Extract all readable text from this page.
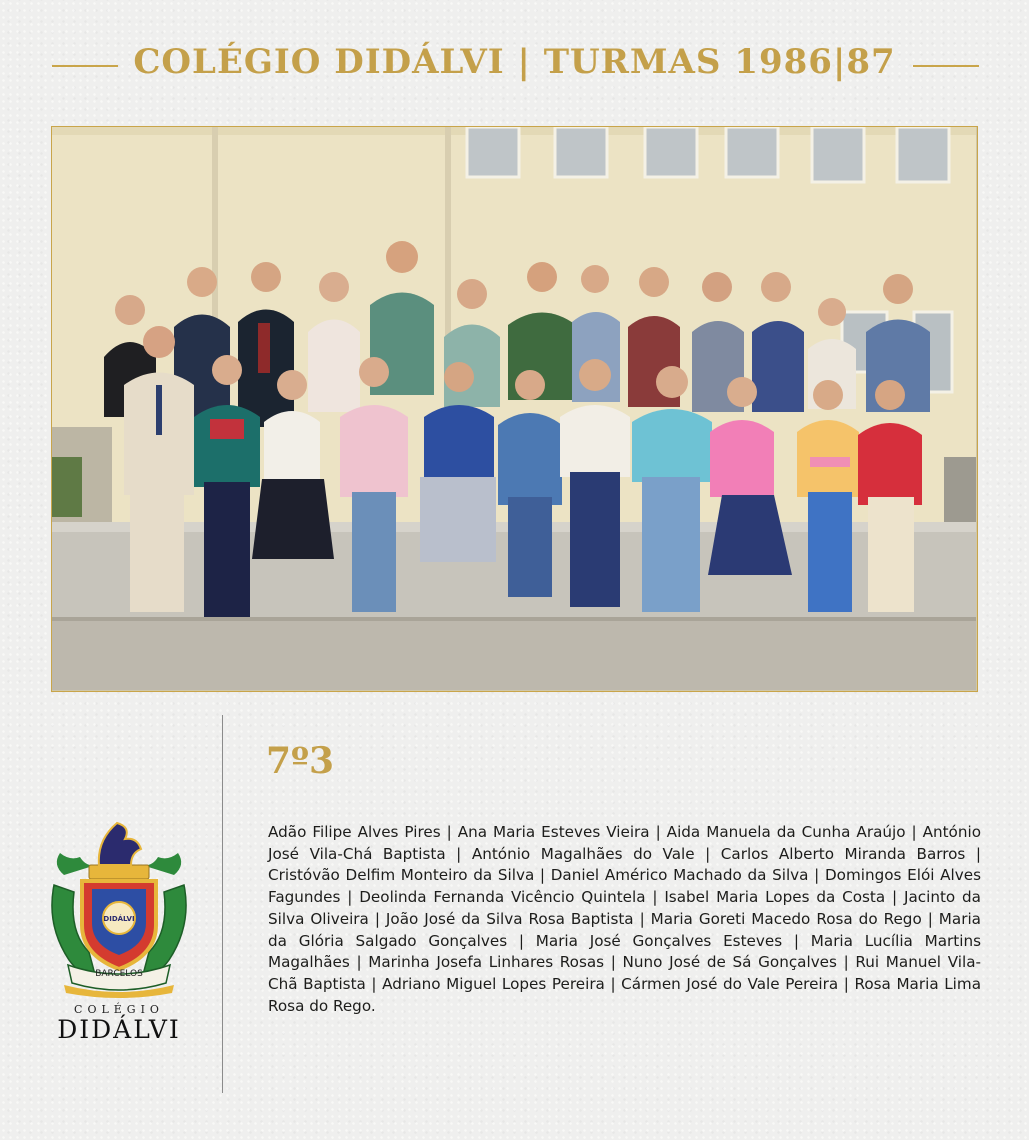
COLÉGIO DIDÁLVI | TURMAS 1986|87
7º3
Adão Filipe Alves Pires | Ana Maria Esteves Vieira | Aida Manuela da Cunha Araújo | António José Vila-Chá Baptista | António Magalhães do Vale | Carlos Alberto Miranda Barros | Cristóvão Delfim Monteiro da Silva | Daniel Américo Machado da Silva | Domingos Elói Alves Fagundes | Deolinda Fernanda Vicêncio Quintela | Isabel Maria Lopes da Costa | Jacinto da Silva Oliveira | João José da Silva Rosa Baptista | Maria Goreti Macedo Rosa do Rego | Maria da Glória Salgado Gonçalves | Maria José Gonçalves Esteves | Maria Lucília Martins Magalhães | Marinha Josefa Linhares Rosas | Nuno José de Sá Gonçalves | Rui Manuel Vila-Chã Baptista | Adriano Miguel Lopes Pereira | Cármen José do Vale Pereira | Rosa Maria Lima Rosa do Rego.
DIDÁLVI
BARCELOS
COLÉGIO
DIDÁLVI
